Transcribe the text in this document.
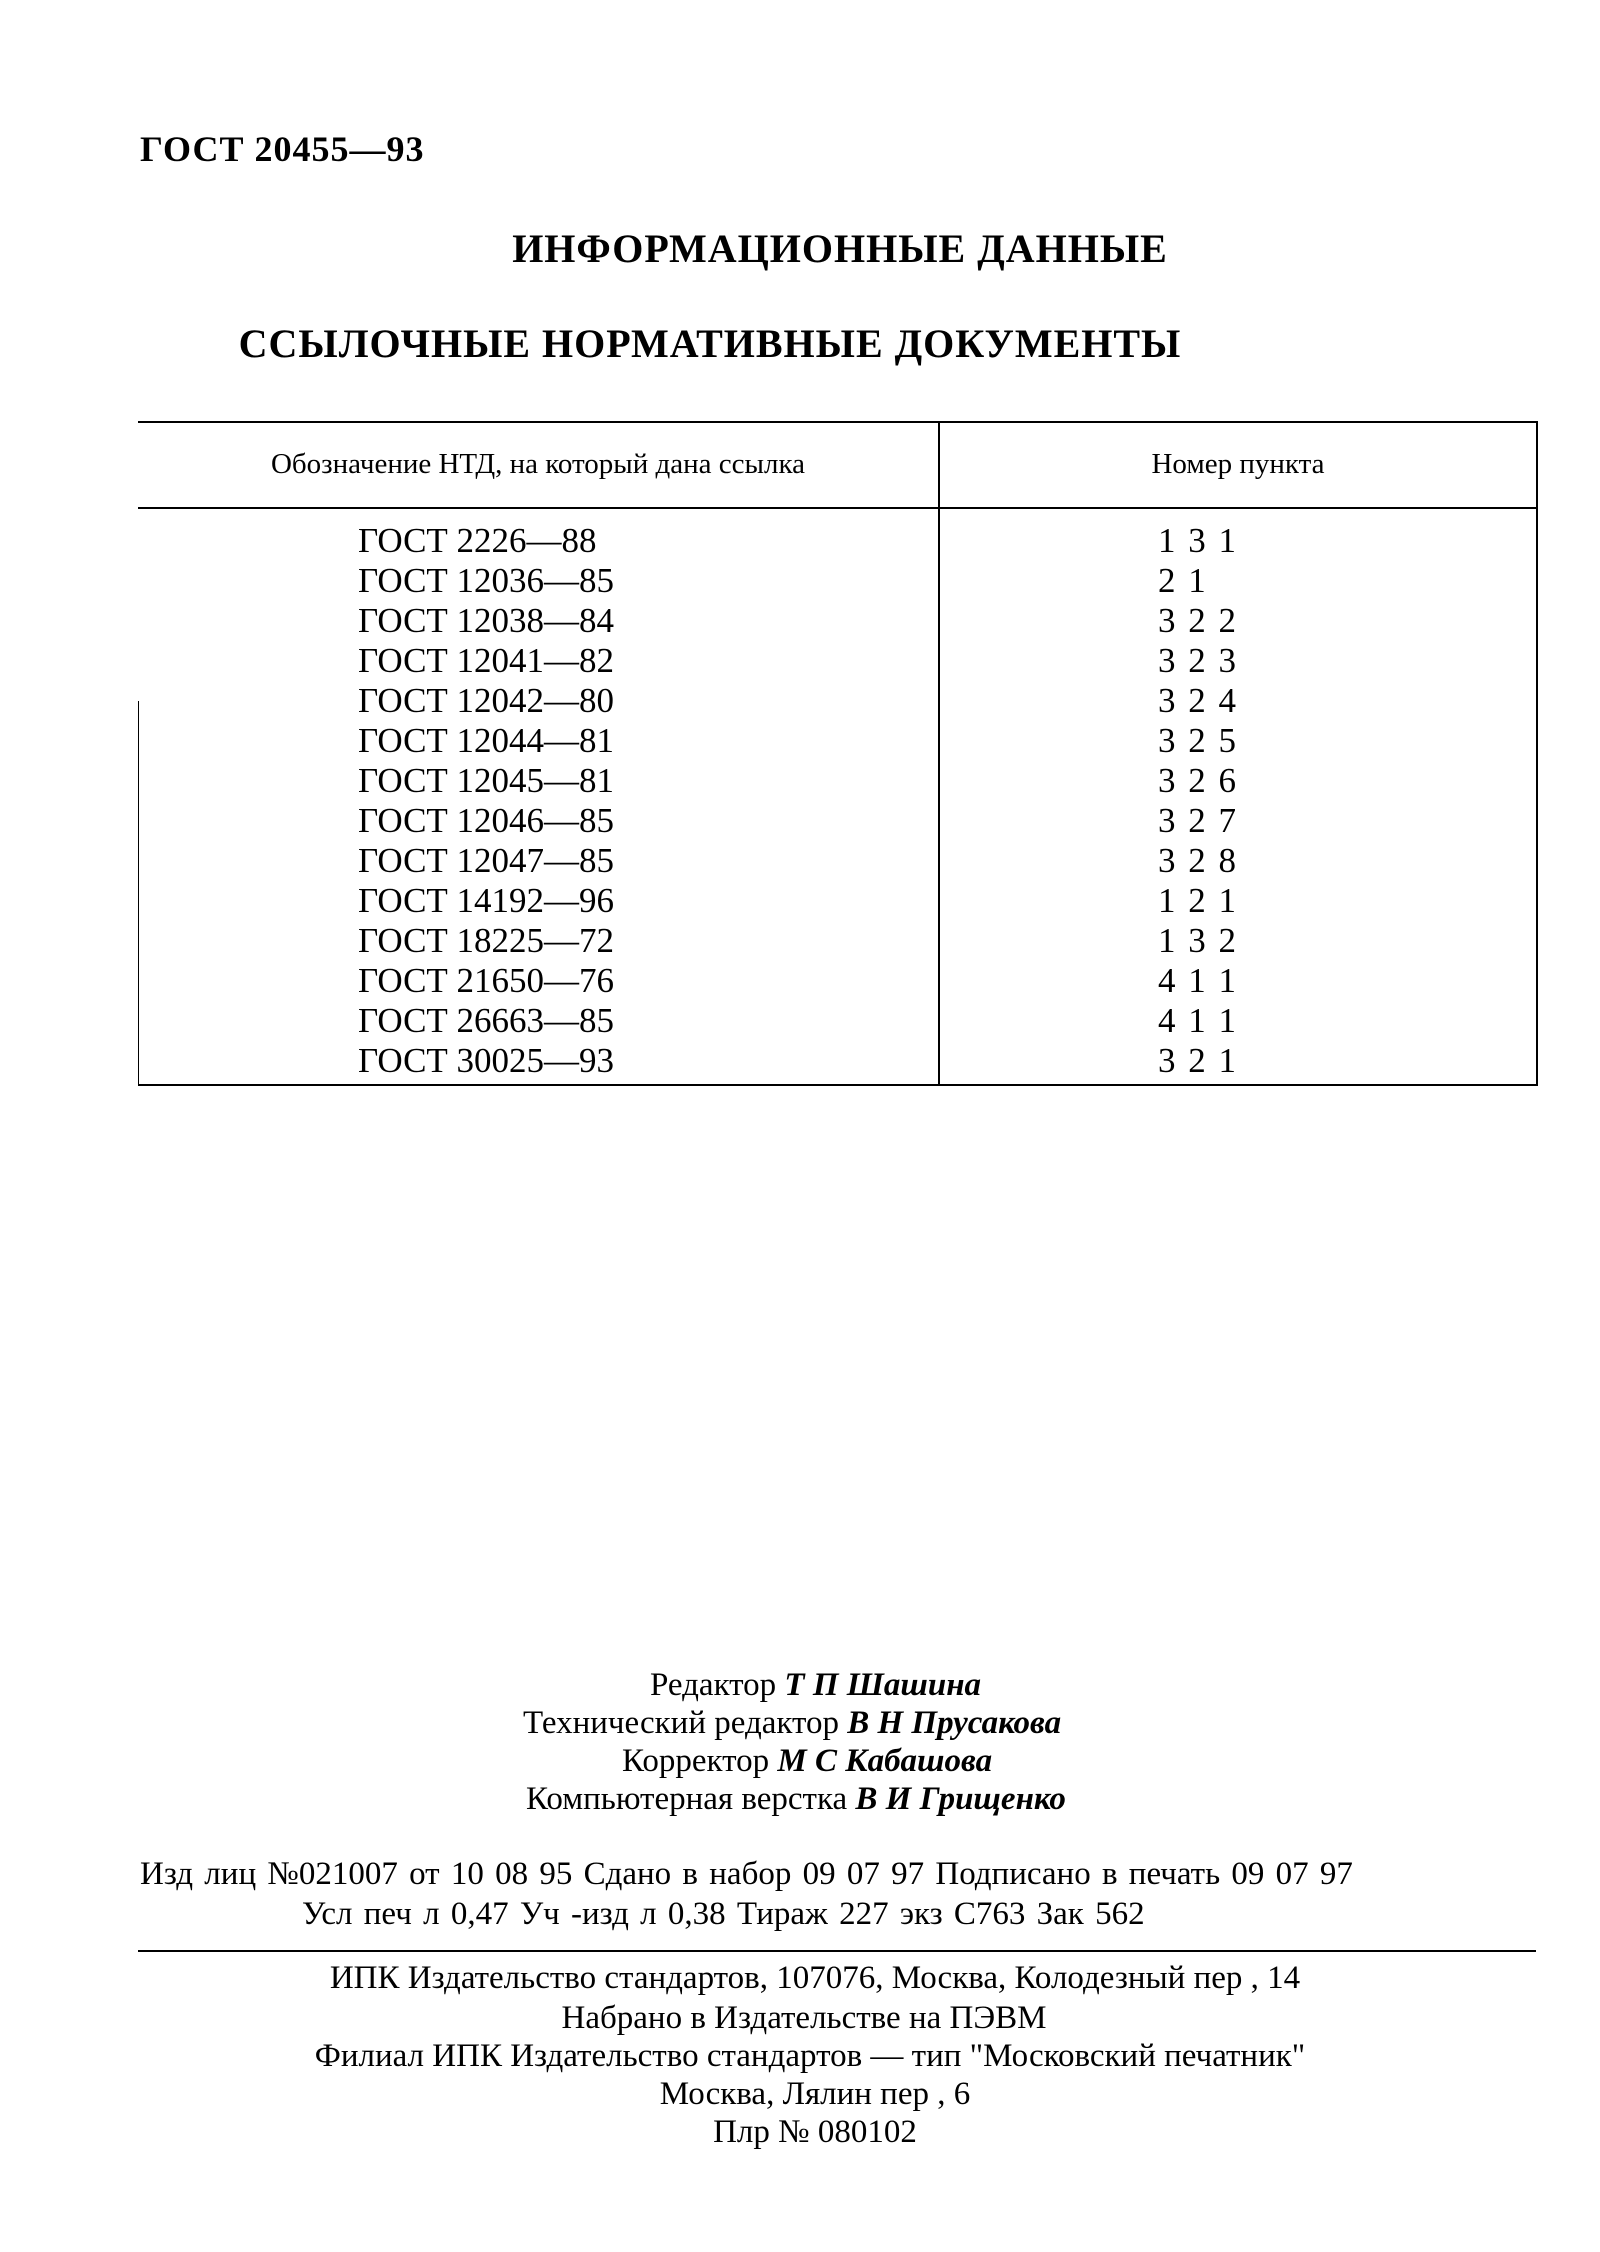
ГОСТ 20455—93
ИНФОРМАЦИОННЫЕ ДАННЫЕ
ССЫЛОЧНЫЕ НОРМАТИВНЫЕ ДОКУМЕНТЫ
Обозначение НТД, на который дана ссылка	Номер пункта
ГОСТ 2226—88
ГОСТ 12036—85
ГОСТ 12038—84
ГОСТ 12041—82
ГОСТ 12042—80
ГОСТ 12044—81
ГОСТ 12045—81
ГОСТ 12046—85
ГОСТ 12047—85
ГОСТ 14192—96
ГОСТ 18225—72
ГОСТ 21650—76
ГОСТ 26663—85
ГОСТ 30025—93
1 3 1
2 1
3 2 2
3 2 3
3 2 4
3 2 5
3 2 6
3 2 7
3 2 8
1 2 1
1 3 2
4 1 1
4 1 1
3 2 1
Редактор Т П Шашина
Технический редактор В Н Прусакова
Корректор М С Кабашова
Компьютерная верстка В И Грищенко
Изд лиц №021007 от 10 08 95 Сдано в набор 09 07 97 Подписано в печать 09 07 97
Усл печ л 0,47 Уч -изд л 0,38 Тираж 227 экз С763 Зак 562
ИПК Издательство стандартов, 107076, Москва, Колодезный пер , 14
Набрано в Издательстве на ПЭВМ
Филиал ИПК Издательство стандартов — тип "Московский печатник"
Москва, Лялин пер , 6
Плр № 080102
